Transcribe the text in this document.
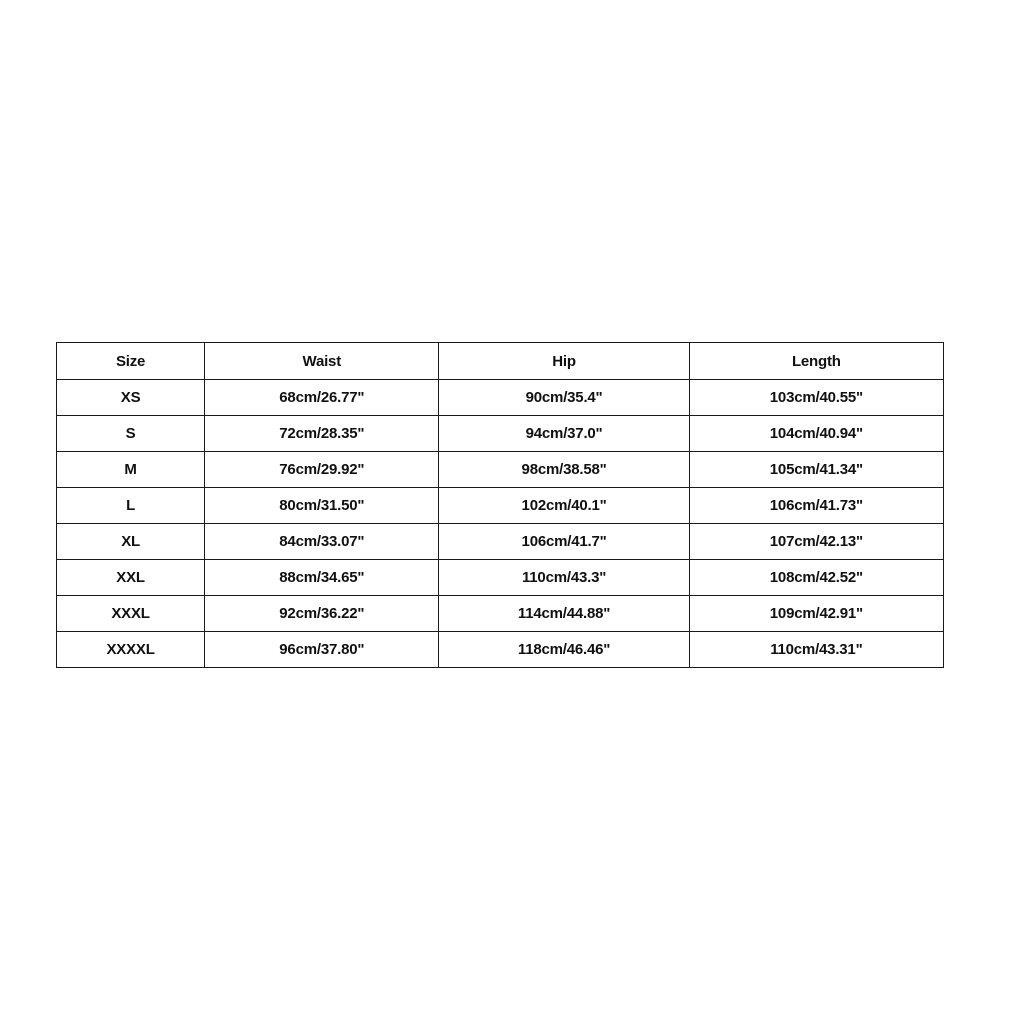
Size	Waist	Hip	Length
XS	68cm/26.77"	90cm/35.4"	103cm/40.55"
S	72cm/28.35"	94cm/37.0"	104cm/40.94"
M	76cm/29.92"	98cm/38.58"	105cm/41.34"
L	80cm/31.50"	102cm/40.1"	106cm/41.73"
XL	84cm/33.07"	106cm/41.7"	107cm/42.13"
XXL	88cm/34.65"	110cm/43.3"	108cm/42.52"
XXXL	92cm/36.22"	114cm/44.88"	109cm/42.91"
XXXXL	96cm/37.80"	118cm/46.46"	110cm/43.31"
